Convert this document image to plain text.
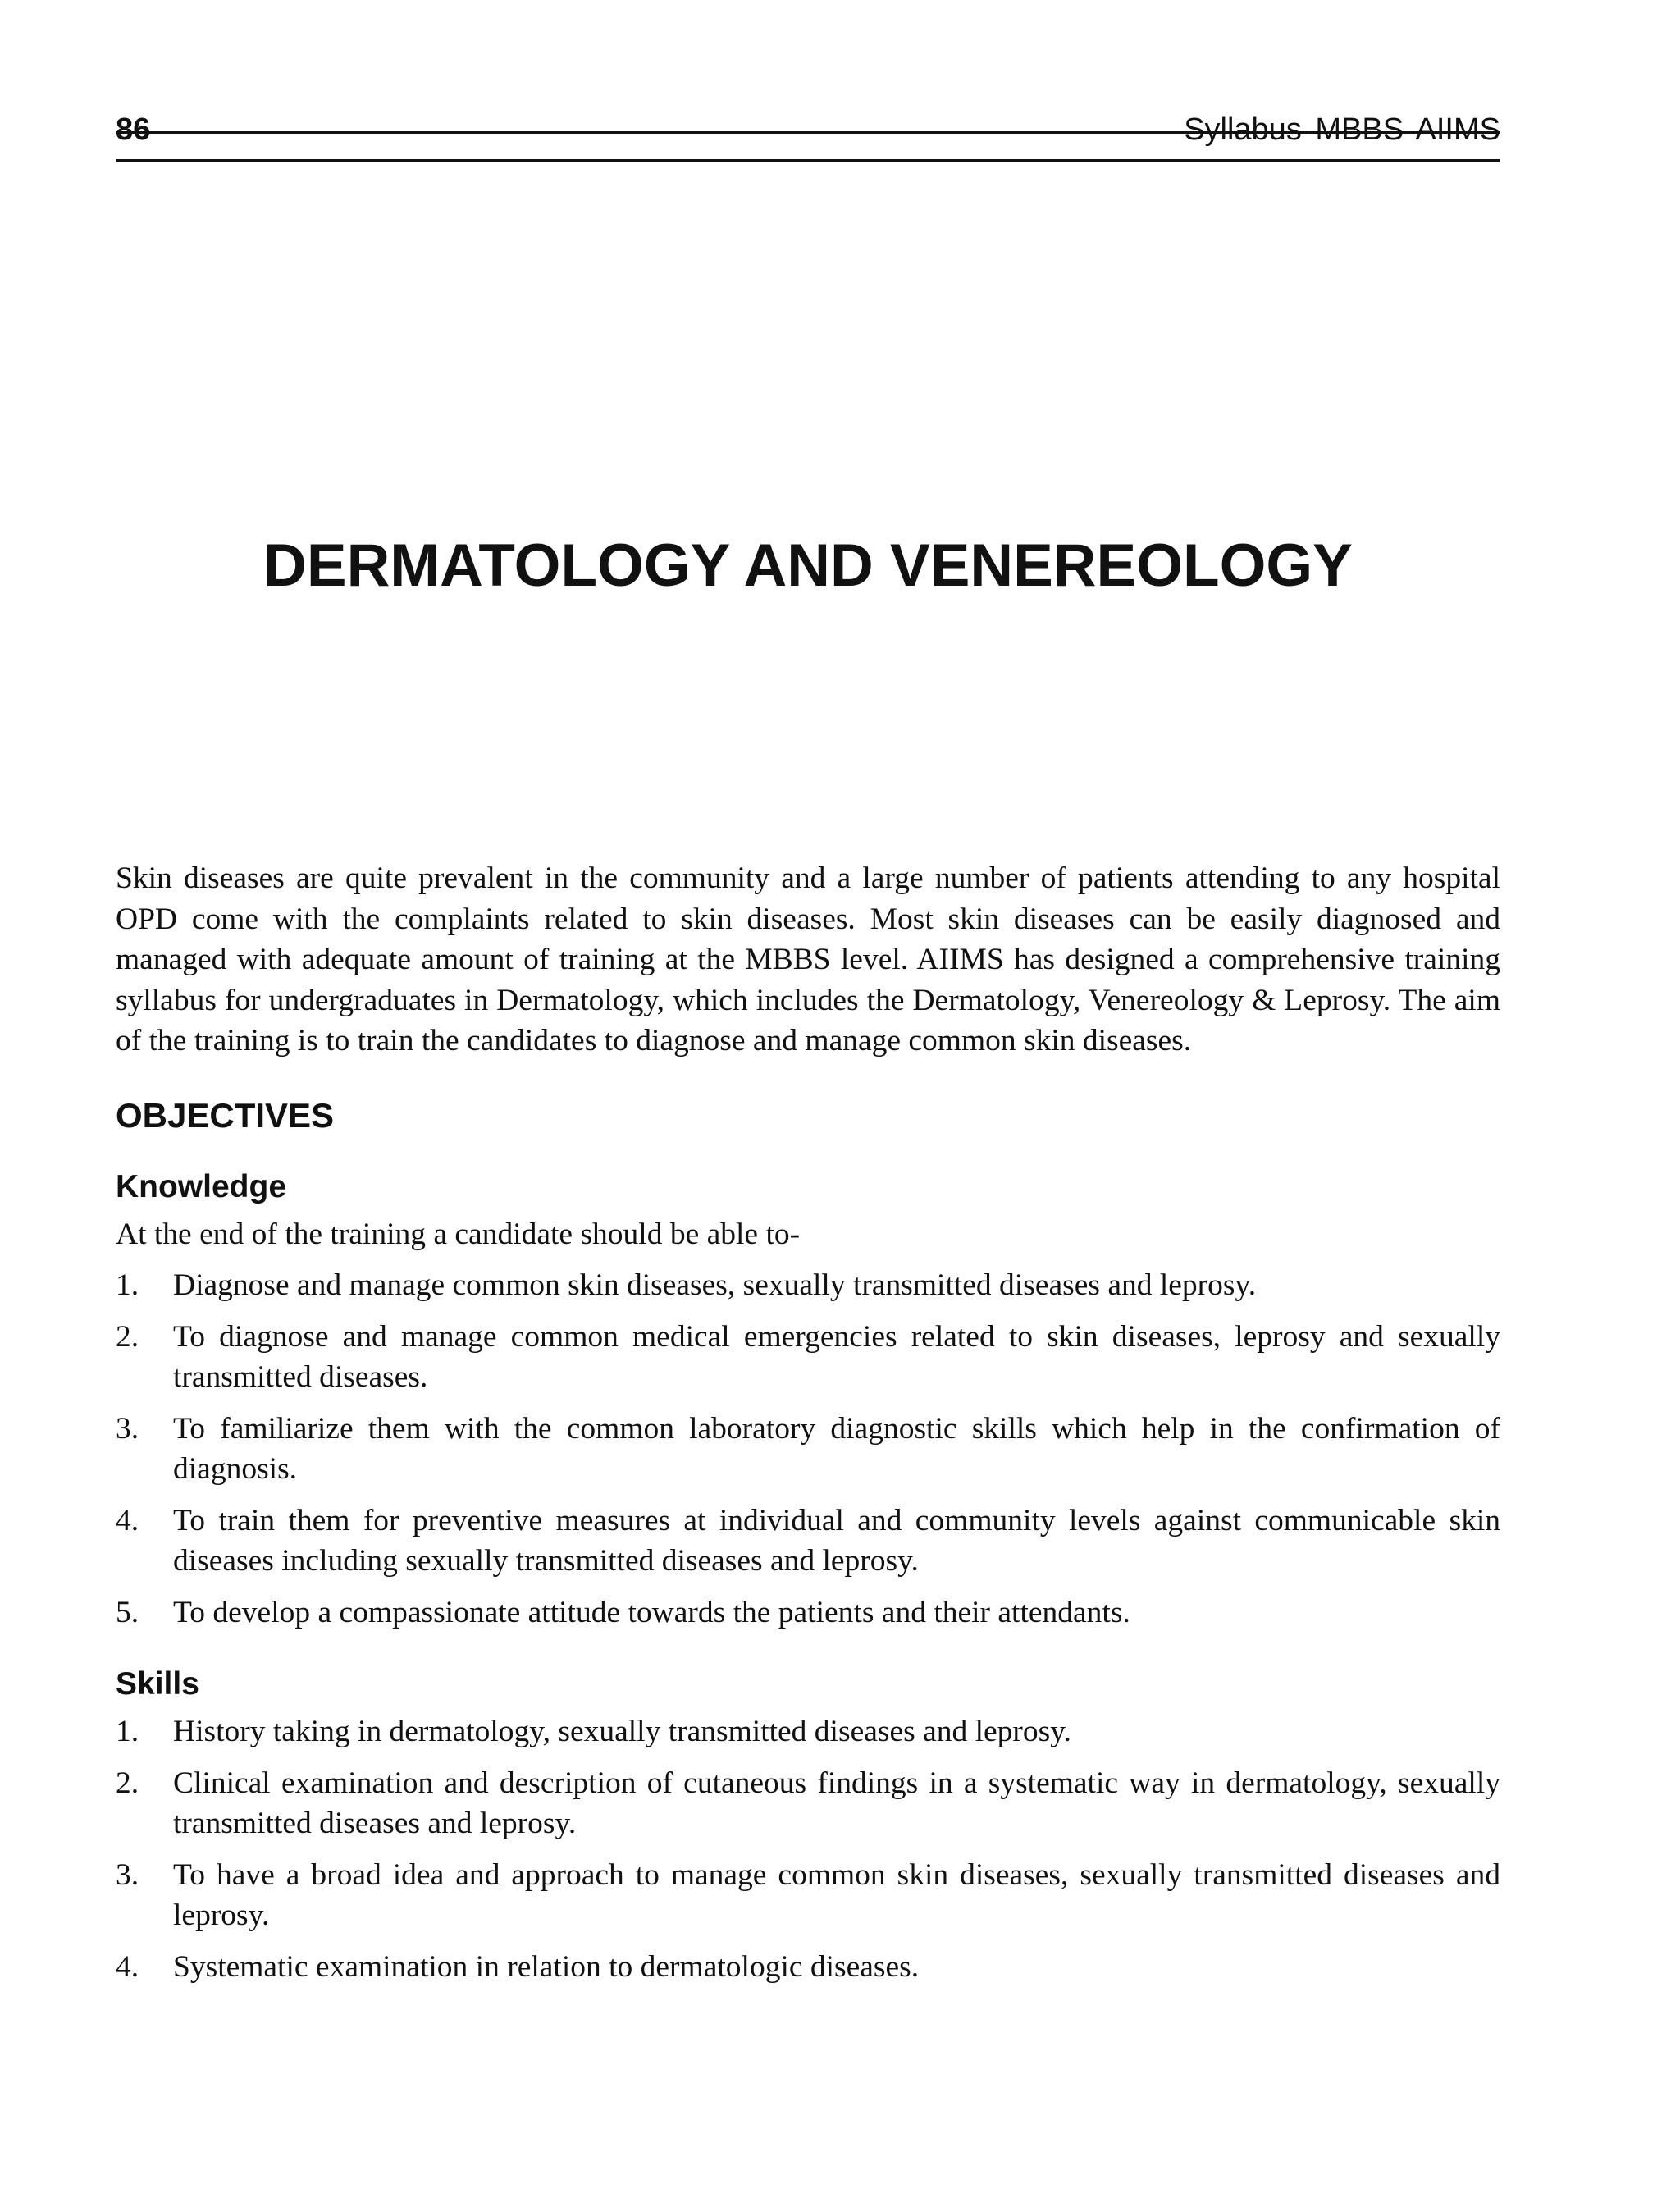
86	Syllabus MBBS AIIMS
DERMATOLOGY AND VENEREOLOGY

Skin diseases are quite prevalent in the community and a large number of patients attending to any hospital OPD come with the complaints related to skin diseases. Most skin diseases can be easily diagnosed and managed with adequate amount of training at the MBBS level. AIIMS has designed a comprehensive training syllabus for undergraduates in Dermatology, which includes the Dermatology, Venereology & Leprosy. The aim of the training is to train the candidates to diagnose and manage common skin diseases.

OBJECTIVES
Knowledge

At the end of the training a candidate should be able to-

1. Diagnose and manage common skin diseases, sexually transmitted diseases and leprosy.
2. To diagnose and manage common medical emergencies related to skin diseases, leprosy and sexually transmitted diseases.
3. To familiarize them with the common laboratory diagnostic skills which help in the confirmation of diagnosis.
4. To train them for preventive measures at individual and community levels against communicable skin diseases including sexually transmitted diseases and leprosy.
5. To develop a compassionate attitude towards the patients and their attendants.
Skills
1. History taking in dermatology, sexually transmitted diseases and leprosy.
2. Clinical examination and description of cutaneous findings in a systematic way in dermatology, sexually transmitted diseases and leprosy.
3. To have a broad idea and approach to manage common skin diseases, sexually transmitted diseases and leprosy.
4. Systematic examination in relation to dermatologic diseases.
